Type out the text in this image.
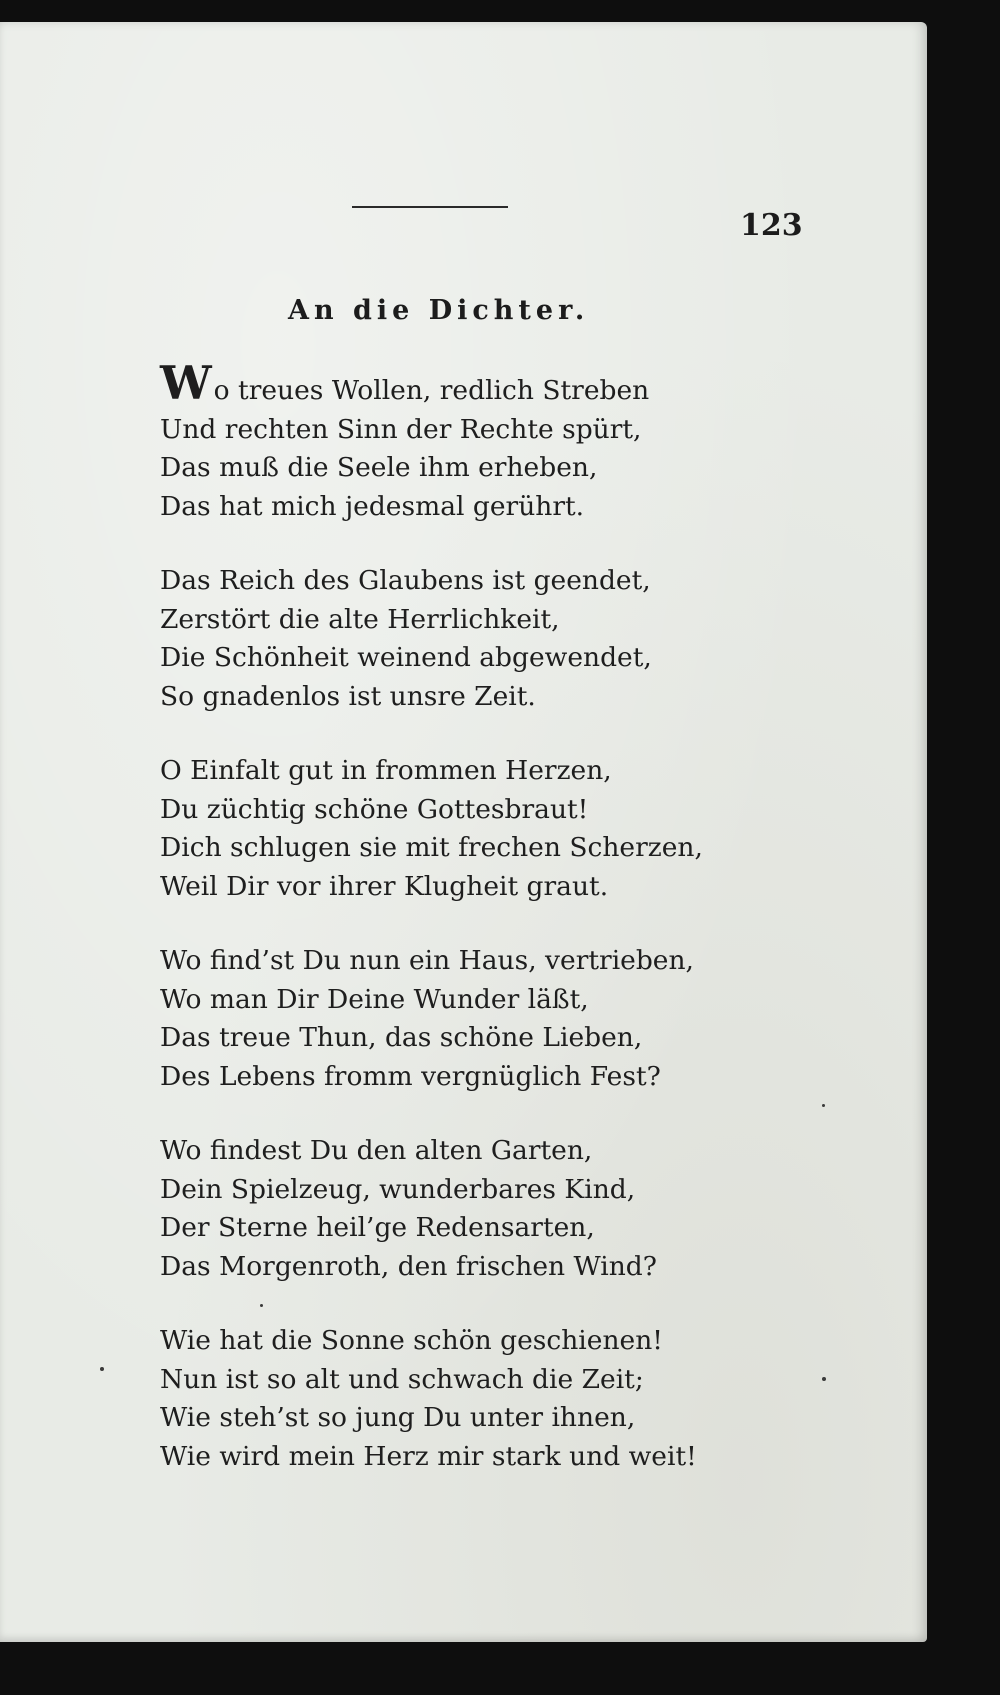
123
An die Dichter.
Wo treues Wollen, redlich Streben
Und rechten Sinn der Rechte spürt,
Das muß die Seele ihm erheben,
Das hat mich jedesmal gerührt.
Das Reich des Glaubens ist geendet,
Zerstört die alte Herrlichkeit,
Die Schönheit weinend abgewendet,
So gnadenlos ist unsre Zeit.
O Einfalt gut in frommen Herzen,
Du züchtig schöne Gottesbraut!
Dich schlugen sie mit frechen Scherzen,
Weil Dir vor ihrer Klugheit graut.
Wo find’st Du nun ein Haus, vertrieben,
Wo man Dir Deine Wunder läßt,
Das treue Thun, das schöne Lieben,
Des Lebens fromm vergnüglich Fest?
Wo findest Du den alten Garten,
Dein Spielzeug, wunderbares Kind,
Der Sterne heil’ge Redensarten,
Das Morgenroth, den frischen Wind?
Wie hat die Sonne schön geschienen!
Nun ist so alt und schwach die Zeit;
Wie steh’st so jung Du unter ihnen,
Wie wird mein Herz mir stark und weit!
